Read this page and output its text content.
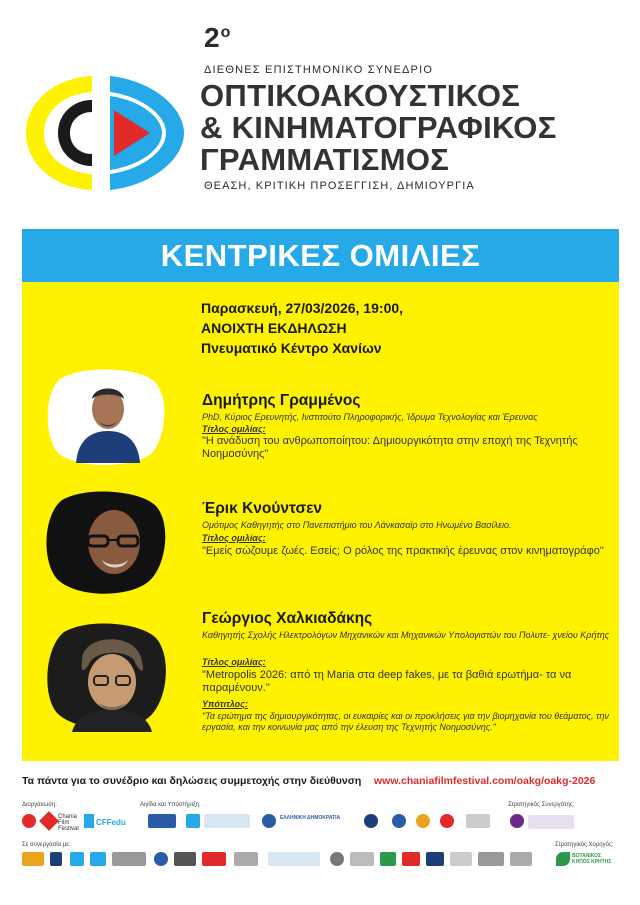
$2^o$
ΔΙΕΘΝΕΣ ΕΠΙΣΤΗΜΟΝΙΚΟ ΣΥΝΕΔΡΙΟ
ΟΠΤΙΚΟΑΚΟΥΣΤΙΚΟΣ
& ΚΙΝΗΜΑΤΟΓΡΑΦΙΚΟΣ
ΓΡΑΜΜΑΤΙΣΜΟΣ
ΘΕΑΣΗ, ΚΡΙΤΙΚΗ ΠΡΟΣΕΓΓΙΣΗ, ΔΗΜΙΟΥΡΓΙΑ
ΚΕΝΤΡΙΚΕΣ ΟΜΙΛΙΕΣ
Παρασκευή, 27/03/2026, 19:00,
ΑΝΟΙΧΤΗ ΕΚΔΗΛΩΣΗ
Πνευματικό Κέντρο Χανίων
Δημήτρης Γραμμένος
PhD, Κύριος Ερευνητής, Ινστιτούτο Πληροφορικής, Ίδρυμα Τεχνολογίας και Έρευνας
Τίτλος ομιλίας:
"Η ανάδυση του ανθρωποποίητου: Δημιουργικότητα στην εποχή της Τεχνητής Νοημοσύνης"
Έρικ Κνούντσεν
Ομότιμος Καθηγητής στο Πανεπιστήμιο του Λάνκασαϊρ στο Ηνωμένο Βασίλειο.
Τίτλος ομιλίας:
"Εμείς σώζουμε ζωές. Εσείς; Ο ρόλος της πρακτικής έρευνας στον κινηματογράφο"
Γεώργιος Χαλκιαδάκης
Καθηγητής Σχολής Ηλεκτρολόγων Μηχανικών και Μηχανικών Υπολογιστών του Πολυτε- χνείου Κρήτης
Τίτλος ομιλίας:
"Metropolis 2026: από τη Maria στα deep fakes, με τα βαθιά ερωτήμα- τα να παραμένουν."
Υπότιτλος:
"Τα ερώτημα της δημιουργικότητας, οι ευκαιρίες και οι προκλήσεις για την βιομηχανία του θεάματος, την εργασία, και την κοινωνία μας από την έλευση της Τεχνητής Νοημοσύνης."
Τα πάντα για το συνέδριο και δηλώσεις συμμετοχής στην διεύθυνση www.chaniafilmfestival.com/oakg/oakg-2026
Διοργάνωση:	Αιγίδα και Υποστήριξη:	Στρατηγικός Συνεργάτης:
Σε συνεργασία με:	Στρατηγικός Χορηγός:
Chania Film Festival
CFFedu	ΕΛΛΗΝΙΚΗ ΔΗΜΟΚΡΑΤΙΑ
ΒΟΤΑΝΙΚΟΣ ΚΗΠΟΣ ΚΡΗΤΗΣ
